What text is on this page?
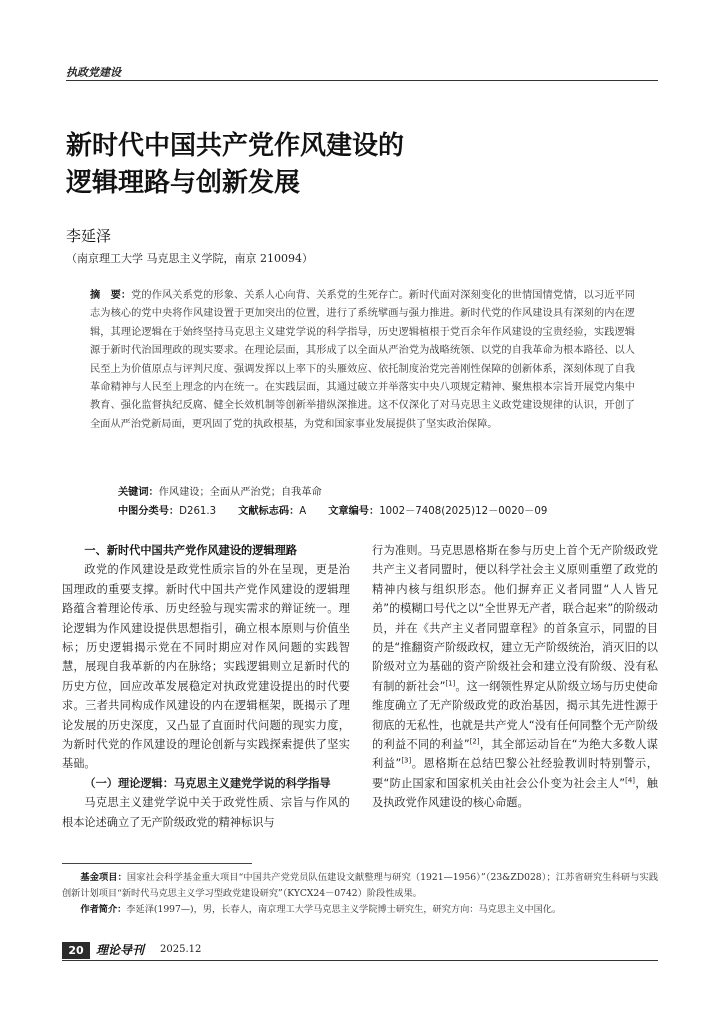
执政党建设
新时代中国共产党作风建设的
逻辑理路与创新发展
李延泽
（南京理工大学 马克思主义学院，南京 210094）
摘　要：党的作风关系党的形象、关系人心向背、关系党的生死存亡。新时代面对深刻变化的世情国情党情，以习近平同志为核心的党中央将作风建设置于更加突出的位置，进行了系统擘画与强力推进。新时代党的作风建设具有深刻的内在逻辑，其理论逻辑在于始终坚持马克思主义建党学说的科学指导，历史逻辑植根于党百余年作风建设的宝贵经验，实践逻辑源于新时代治国理政的现实要求。在理论层面，其形成了以全面从严治党为战略统领、以党的自我革命为根本路径、以人民至上为价值原点与评判尺度、强调发挥以上率下的头雁效应、依托制度治党完善刚性保障的创新体系，深刻体现了自我革命精神与人民至上理念的内在统一。在实践层面，其通过破立并举落实中央八项规定精神、聚焦根本宗旨开展党内集中教育、强化监督执纪反腐、健全长效机制等创新举措纵深推进。这不仅深化了对马克思主义政党建设规律的认识，开创了全面从严治党新局面，更巩固了党的执政根基，为党和国家事业发展提供了坚实政治保障。
关键词：作风建设；全面从严治党；自我革命
中图分类号：D261.3 文献标志码：A 文章编号：1002－7408(2025)12－0020－09

一、新时代中国共产党作风建设的逻辑理路

政党的作风建设是政党性质宗旨的外在呈现，更是治国理政的重要支撑。新时代中国共产党作风建设的逻辑理路蕴含着理论传承、历史经验与现实需求的辩证统一。理论逻辑为作风建设提供思想指引，确立根本原则与价值坐标；历史逻辑揭示党在不同时期应对作风问题的实践智慧，展现自我革新的内在脉络；实践逻辑则立足新时代的历史方位，回应改革发展稳定对执政党建设提出的时代要求。三者共同构成作风建设的内在逻辑框架，既揭示了理论发展的历史深度，又凸显了直面时代问题的现实力度，为新时代党的作风建设的理论创新与实践探索提供了坚实基础。

（一）理论逻辑：马克思主义建党学说的科学指导

马克思主义建党学说中关于政党性质、宗旨与作风的根本论述确立了无产阶级政党的精神标识与

行为准则。马克思恩格斯在参与历史上首个无产阶级政党共产主义者同盟时，便以科学社会主义原则重塑了政党的精神内核与组织形态。他们摒弃正义者同盟“人人皆兄弟”的模糊口号代之以“全世界无产者，联合起来”的阶级动员，并在《共产主义者同盟章程》的首条宣示，同盟的目的是“推翻资产阶级政权，建立无产阶级统治，消灭旧的以阶级对立为基础的资产阶级社会和建立没有阶级、没有私有制的新社会”[1]。这一纲领性界定从阶级立场与历史使命维度确立了无产阶级政党的政治基因，揭示其先进性源于彻底的无私性，也就是共产党人“没有任何同整个无产阶级的利益不同的利益”[2]，其全部运动旨在“为绝大多数人谋利益”[3]。恩格斯在总结巴黎公社经验教训时特别警示，要“防止国家和国家机关由社会公仆变为社会主人”[4]，触及执政党作风建设的核心命题。

基金项目：国家社会科学基金重大项目“中国共产党党员队伍建设文献整理与研究（1921—1956）”（23&ZD028）；江苏省研究生科研与实践创新计划项目“新时代马克思主义学习型政党建设研究”（KYCX24－0742）阶段性成果。

作者简介：李延泽(1997—)，男，长春人，南京理工大学马克思主义学院博士研究生，研究方向：马克思主义中国化。

20	理论导刊 2025.12
